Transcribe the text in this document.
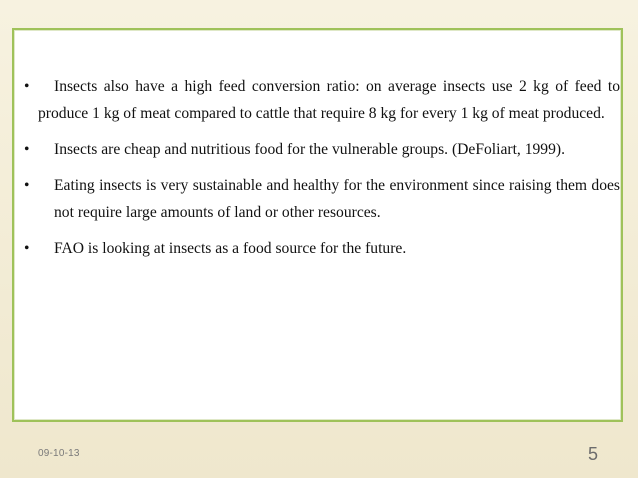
•	Insects also have a high feed conversion ratio: on average insects use 2 kg of feed to produce 1 kg of meat compared to cattle that require 8 kg for every 1 kg of meat produced.
•	Insects are cheap and nutritious food for the vulnerable groups. (DeFoliart, 1999).
• Eating insects is very sustainable and healthy for the environment since raising them does not require large amounts of land or other resources.
• FAO is looking at insects as a food source for the future.
09-10-13	5
